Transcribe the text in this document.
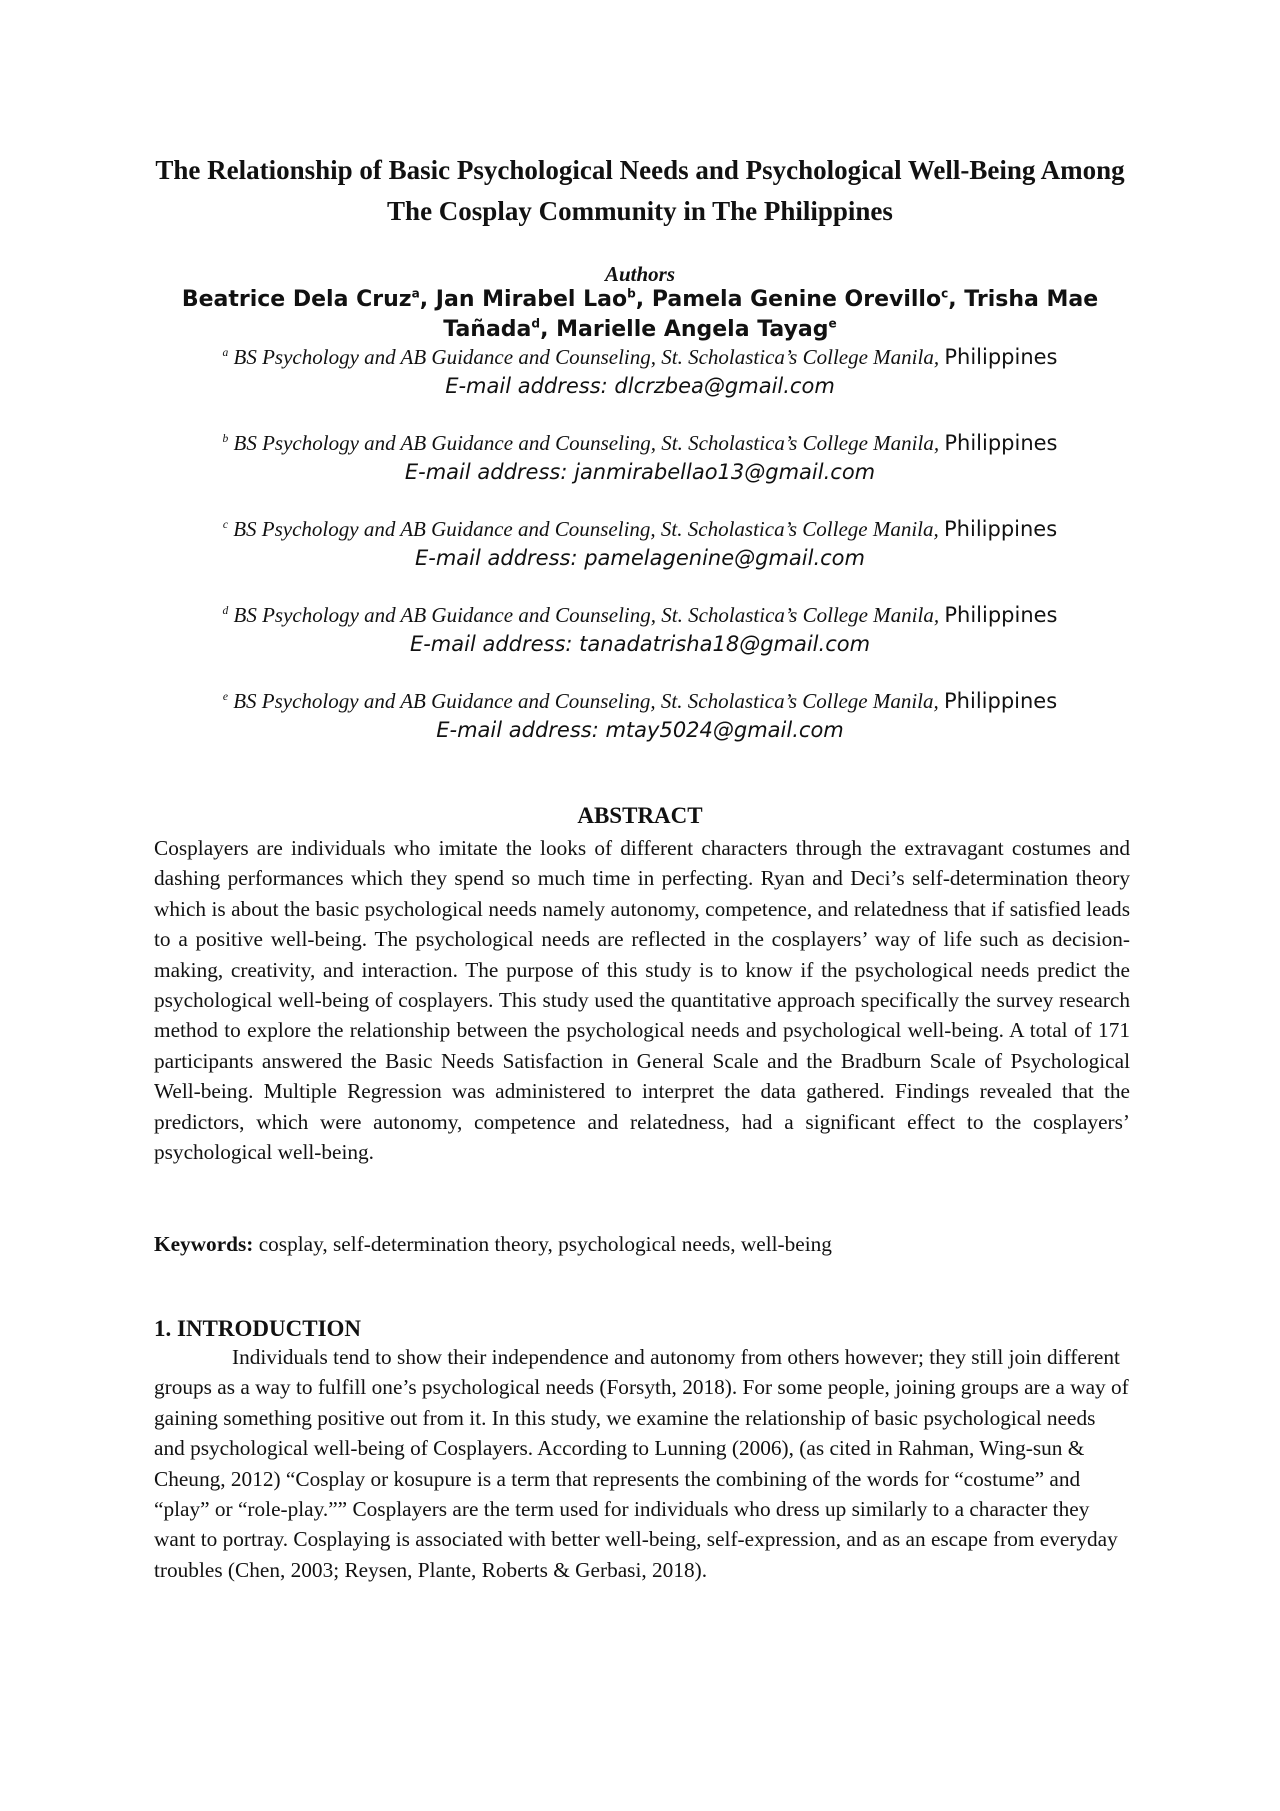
The Relationship of Basic Psychological Needs and Psychological Well-Being Among The Cosplay Community in The Philippines
Authors
Beatrice Dela Cruz$^a$, Jan Mirabel Lao$^b$, Pamela Genine Orevillo$^c$, Trisha Mae Tañada$^d$, Marielle Angela Tayag$^e$
$^a$ BS Psychology and AB Guidance and Counseling, St. Scholastica’s College Manila, Philippines
E-mail address: dlcrzbea@gmail.com
$^b$ BS Psychology and AB Guidance and Counseling, St. Scholastica’s College Manila, Philippines
E-mail address: janmirabellao13@gmail.com
$^c$ BS Psychology and AB Guidance and Counseling, St. Scholastica’s College Manila, Philippines
E-mail address: pamelagenine@gmail.com
$^d$ BS Psychology and AB Guidance and Counseling, St. Scholastica’s College Manila, Philippines
E-mail address: tanadatrisha18@gmail.com
$^e$ BS Psychology and AB Guidance and Counseling, St. Scholastica’s College Manila, Philippines
E-mail address: mtay5024@gmail.com
ABSTRACT

Cosplayers are individuals who imitate the looks of different characters through the extravagant costumes and dashing performances which they spend so much time in perfecting. Ryan and Deci’s self-determination theory which is about the basic psychological needs namely autonomy, competence, and relatedness that if satisfied leads to a positive well-being. The psychological needs are reflected in the cosplayers’ way of life such as decision-making, creativity, and interaction. The purpose of this study is to know if the psychological needs predict the psychological well-being of cosplayers. This study used the quantitative approach specifically the survey research method to explore the relationship between the psychological needs and psychological well-being. A total of 171 participants answered the Basic Needs Satisfaction in General Scale and the Bradburn Scale of Psychological Well-being. Multiple Regression was administered to interpret the data gathered. Findings revealed that the predictors, which were autonomy, competence and relatedness, had a significant effect to the cosplayers’ psychological well-being.

Keywords: cosplay, self-determination theory, psychological needs, well-being

1. INTRODUCTION

Individuals tend to show their independence and autonomy from others however; they still join different groups as a way to fulfill one’s psychological needs (Forsyth, 2018). For some people, joining groups are a way of gaining something positive out from it. In this study, we examine the relationship of basic psychological needs and psychological well-being of Cosplayers. According to Lunning (2006), (as cited in Rahman, Wing-sun & Cheung, 2012) “Cosplay or kosupure is a term that represents the combining of the words for “costume” and “play” or “role-play.”” Cosplayers are the term used for individuals who dress up similarly to a character they want to portray. Cosplaying is associated with better well-being, self-expression, and as an escape from everyday troubles (Chen, 2003; Reysen, Plante, Roberts & Gerbasi, 2018).
